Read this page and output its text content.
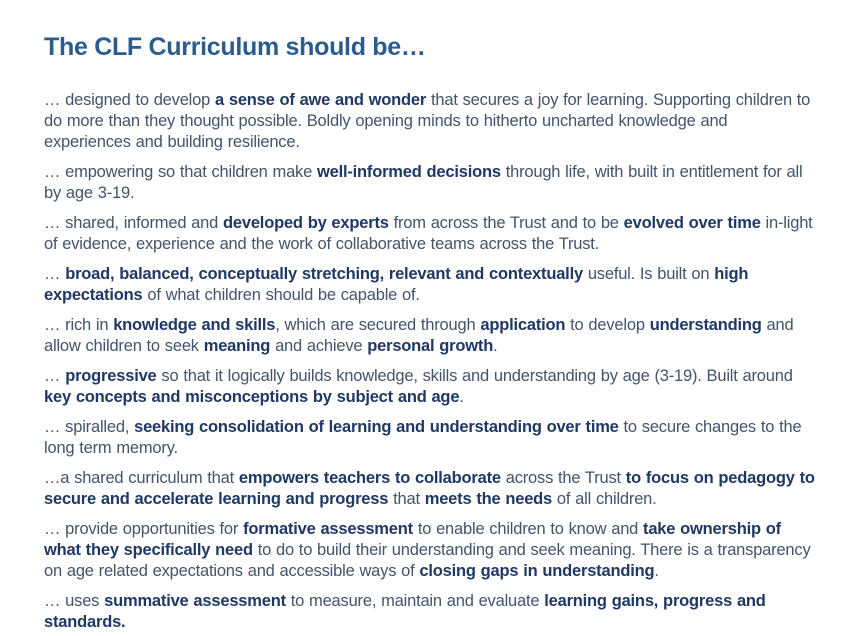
The CLF Curriculum should be…

… designed to develop a sense of awe and wonder that secures a joy for learning. Supporting children to do more than they thought possible. Boldly opening minds to hitherto uncharted knowledge and experiences and building resilience.

… empowering so that children make well-informed decisions through life, with built in entitlement for all by age 3-19.

… shared, informed and developed by experts from across the Trust and to be evolved over time in-light of evidence, experience and the work of collaborative teams across the Trust.

… broad, balanced, conceptually stretching, relevant and contextually useful. Is built on high expectations of what children should be capable of.

… rich in knowledge and skills, which are secured through application to develop understanding and allow children to seek meaning and achieve personal growth.

… progressive so that it logically builds knowledge, skills and understanding by age (3-19). Built around key concepts and misconceptions by subject and age.

… spiralled, seeking consolidation of learning and understanding over time to secure changes to the long term memory.

…a shared curriculum that empowers teachers to collaborate across the Trust to focus on pedagogy to secure and accelerate learning and progress that meets the needs of all children.

… provide opportunities for formative assessment to enable children to know and take ownership of what they specifically need to do to build their understanding and seek meaning. There is a transparency on age related expectations and accessible ways of closing gaps in understanding.

… uses summative assessment to measure, maintain and evaluate learning gains, progress and standards.
